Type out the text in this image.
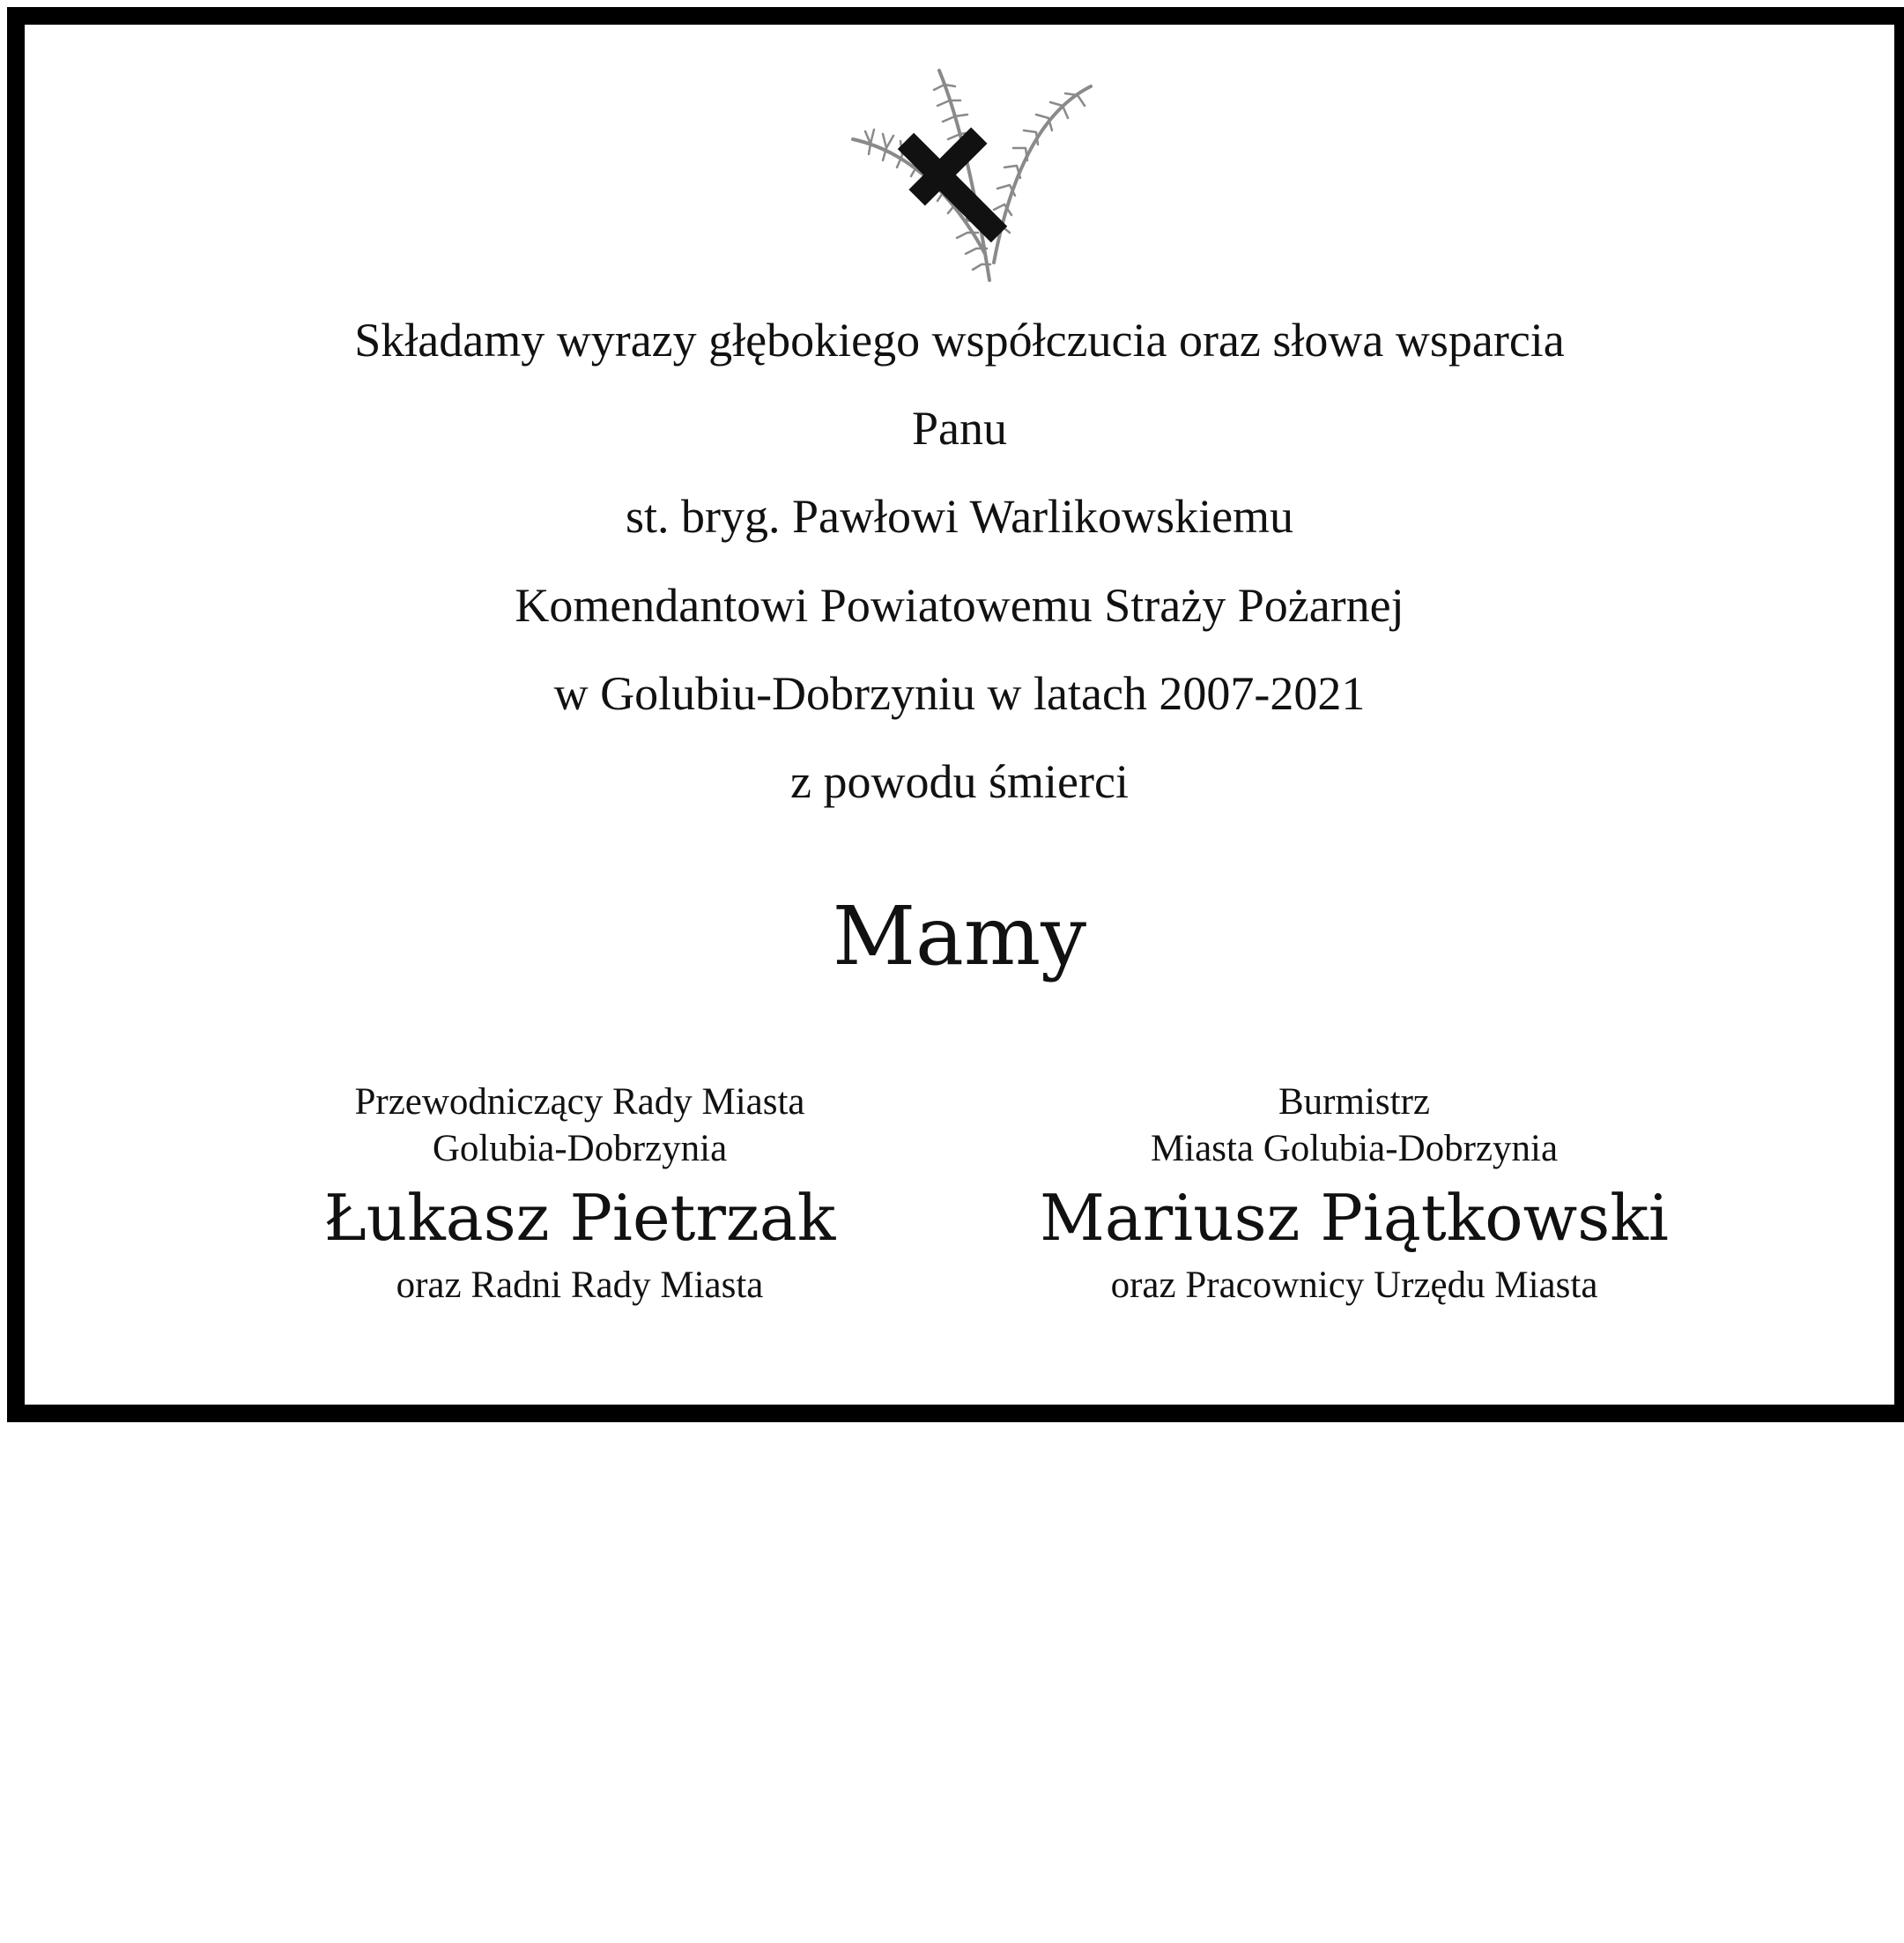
Składamy wyrazy głębokiego współczucia oraz słowa wsparcia
Panu
st. bryg. Pawłowi Warlikowskiemu
Komendantowi Powiatowemu Straży Pożarnej
w Golubiu-Dobrzyniu w latach 2007-2021
z powodu śmierci
Mamy
Przewodniczący Rady Miasta
Golubia-Dobrzynia
Łukasz Pietrzak
oraz Radni Rady Miasta
Burmistrz
Miasta Golubia-Dobrzynia
Mariusz Piątkowski
oraz Pracownicy Urzędu Miasta
